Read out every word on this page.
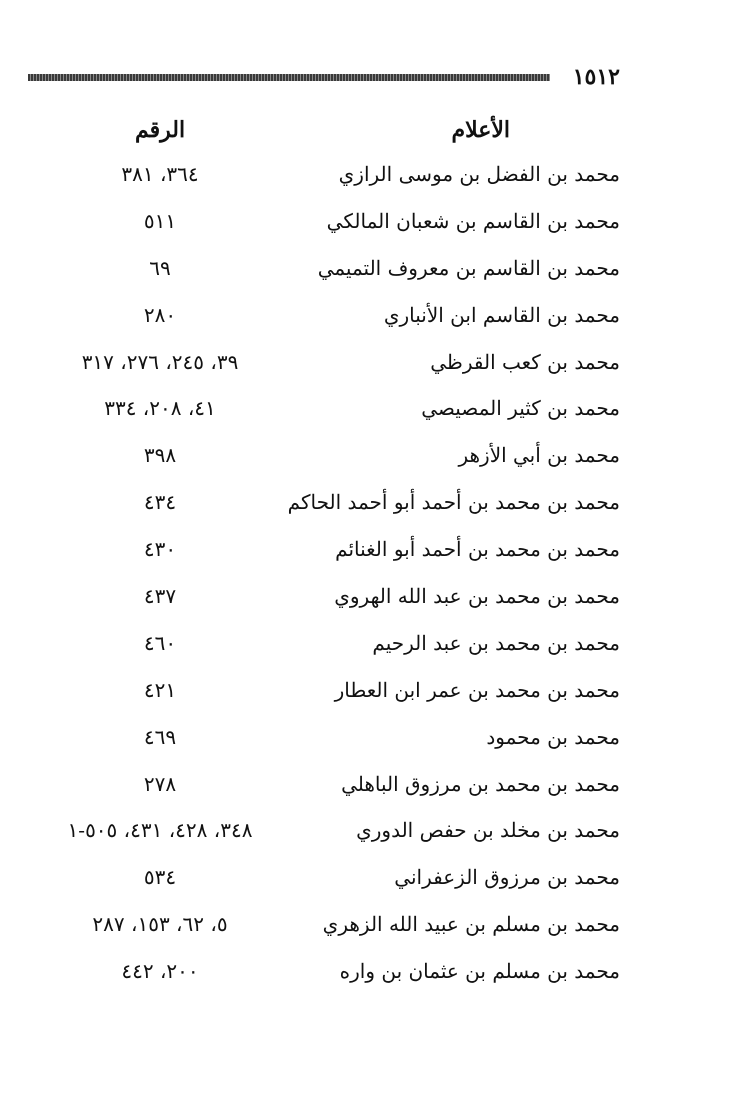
١٥١٢
الأعلام
الرقم
محمد بن الفضل بن موسى الرازي
٣٦٤، ٣٨١
محمد بن القاسم بن شعبان المالكي
٥١١
محمد بن القاسم بن معروف التميمي
٦٩
محمد بن القاسم ابن الأنباري
٢٨٠
محمد بن كعب القرظي
٣٩، ٢٤٥، ٢٧٦، ٣١٧
محمد بن كثير المصيصي
٤١، ٢٠٨، ٣٣٤
محمد بن أبي الأزهر
٣٩٨
محمد بن محمد بن أحمد أبو أحمد الحاكم
٤٣٤
محمد بن محمد بن أحمد أبو الغنائم
٤٣٠
محمد بن محمد بن عبد الله الهروي
٤٣٧
محمد بن محمد بن عبد الرحيم
٤٦٠
محمد بن محمد بن عمر ابن العطار
٤٢١
محمد بن محمود
٤٦٩
محمد بن محمد بن مرزوق الباهلي
٢٧٨
محمد بن مخلد بن حفص الدوري
٣٤٨، ٤٢٨، ٤٣١، ٥٠٥-١
محمد بن مرزوق الزعفراني
٥٣٤
محمد بن مسلم بن عبيد الله الزهري
٥، ٦٢، ١٥٣، ٢٨٧
محمد بن مسلم بن عثمان بن واره
٢٠٠، ٤٤٢
